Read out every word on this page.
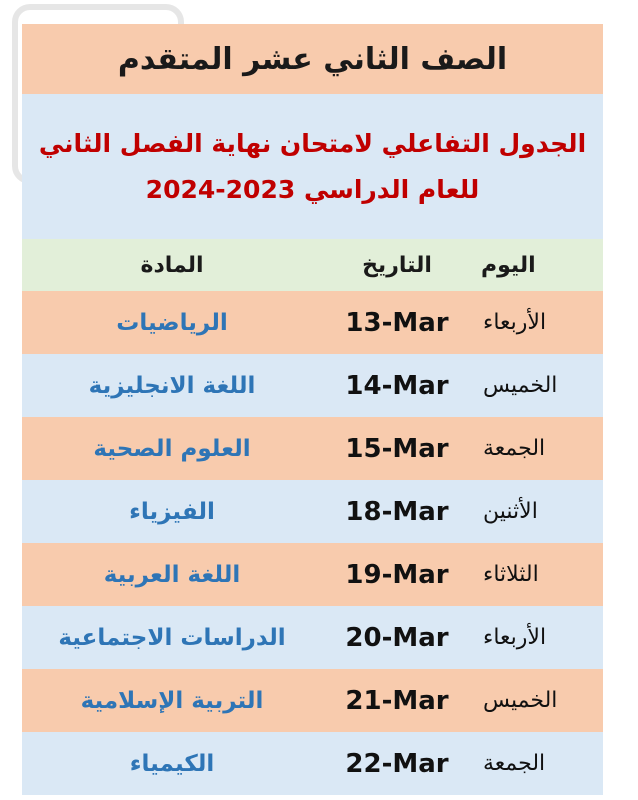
الصف الثاني عشر المتقدم
الجدول التفاعلي لامتحان نهاية الفصل الثاني
للعام الدراسي 2023-2024
اليوم
التاريخ
المادة
الأربعاء
13-Mar
الرياضيات
الخميس
14-Mar
اللغة الانجليزية
الجمعة
15-Mar
العلوم الصحية
الأثنين
18-Mar
الفيزياء
الثلاثاء
19-Mar
اللغة العربية
الأربعاء
20-Mar
الدراسات الاجتماعية
الخميس
21-Mar
التربية الإسلامية
الجمعة
22-Mar
الكيمياء
